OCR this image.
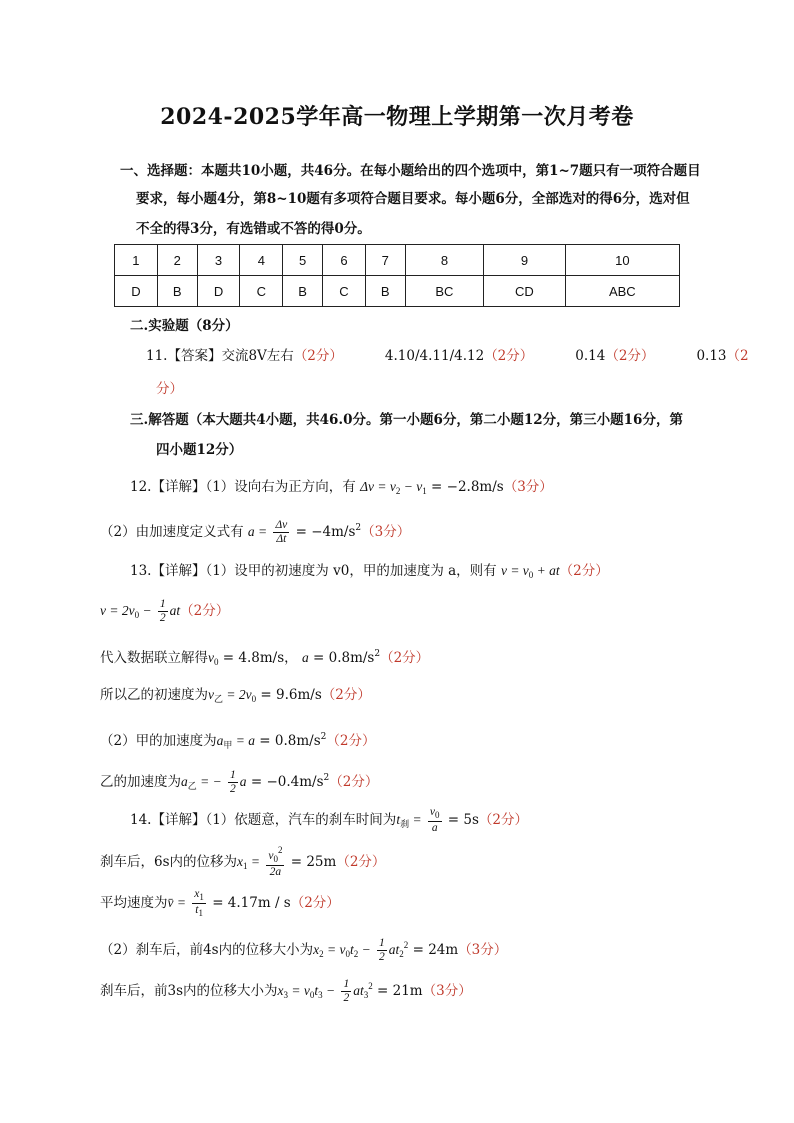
2024-2025学年高一物理上学期第一次月考卷
一、选择题：本题共10小题，共46分。在每小题给出的四个选项中，第1~7题只有一项符合题目
要求，每小题4分，第8~10题有多项符合题目要求。每小题6分，全部选对的得6分，选对但
不全的得3分，有选错或不答的得0分。
1	2	3	4	5	6	7	8	9	10
D	B	D	C	B	C	B	BC	CD	ABC
二.实验题（8分）
11.【答案】交流8V左右（2分）	4.10/4.11/4.12（2分）	0.14（2分）	0.13（2
分）
三.解答题（本大题共4小题，共46.0分。第一小题6分，第二小题12分，第三小题16分，第
四小题12分）
12.【详解】（1）设向右为正方向，有 $\Delta v = v_2 - v_1 = -2.8m/s(3$分）
（2）由加速度定义式有 $a = \frac{\Delta v}{\Delta t} = -4m/s^2(3$分）
13.【详解】（1）设甲的初速度为 v0，甲的加速度为 a，则有 $v = v_0 + at(2$分）
$v = 2v_0 - \frac{1}{2} at(2$分）
代入数据联立解得$v_0 = 4.8m/s$， $a = 0.8m/s^2(2$分）
所以乙的初速度为$v_乙 = 2v_0 = 9.6m/s(2$分）
（2）甲的加速度为$a_甲 = a = 0.8m/s^2(2$分）
乙的加速度为$a_乙$ = − $\frac{1}{2}$ $a = -0.4m/s^2(2$分）
14.【详解】（1）依题意，汽车的刹车时间为$t_刹 = \frac{v_0}{a} = 5s(2$分）
刹车后，6s内的位移为$x_1 = \frac{v_0^2}{2a} = 25m(2$分）
平均速度为v̄ = $\frac{x_1}{t_1} = 4.17m / s(2$分）
（2）刹车后，前4s内的位移大小为$x_2 = v_0t_2 - \frac{1}{2} at_2^2 = 24m(3$分）
刹车后，前3s内的位移大小为$x_3 = v_0t_3 - \frac{1}{2} at_3^2 = 21m(3$分）
